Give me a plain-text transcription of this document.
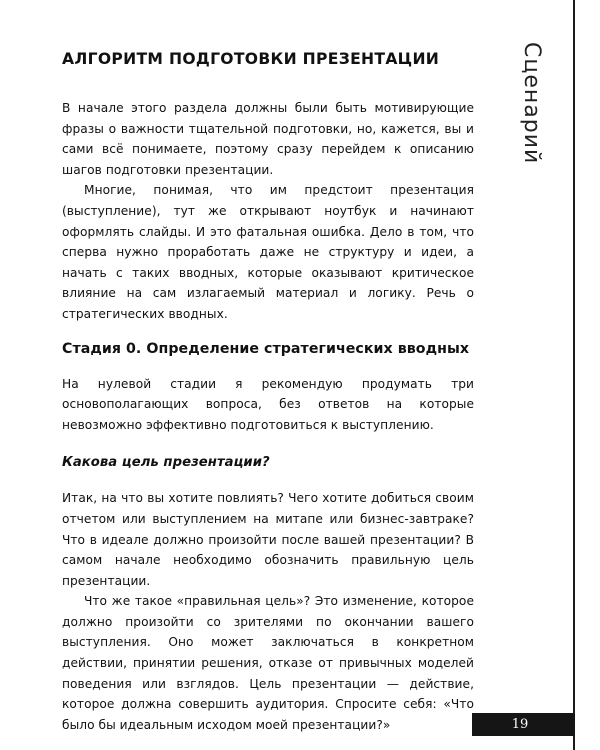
Сценарий
АЛГОРИТМ ПОДГОТОВКИ ПРЕЗЕНТАЦИИ

В начале этого раздела должны были быть мотивирующие фразы о важности тщательной подготовки, но, кажется, вы и сами всё понимаете, поэтому сразу перейдем к описанию шагов подготовки презентации.

Многие, понимая, что им предстоит презентация (выступление), тут же открывают ноутбук и начинают оформлять слайды. И это фатальная ошибка. Дело в том, что сперва нужно проработать даже не структуру и идеи, а начать с таких вводных, которые оказывают критическое влияние на сам излагаемый материал и логику. Речь о стратегических вводных.

Стадия 0. Определение стратегических вводных

На нулевой стадии я рекомендую продумать три основополагающих вопроса, без ответов на которые невозможно эффективно подготовиться к выступлению.

Какова цель презентации?

Итак, на что вы хотите повлиять? Чего хотите добиться своим отчетом или выступлением на митапе или бизнес-завтраке? Что в идеале должно произойти после вашей презентации? В самом начале необходимо обозначить правильную цель презентации.

Что же такое «правильная цель»? Это изменение, которое должно произойти со зрителями по окончании вашего выступления. Оно может заключаться в конкретном действии, принятии решения, отказе от привычных моделей поведения или взглядов. Цель презентации — действие, которое должна совершить аудитория. Спросите себя: «Что было бы идеальным исходом моей презентации?»	19
